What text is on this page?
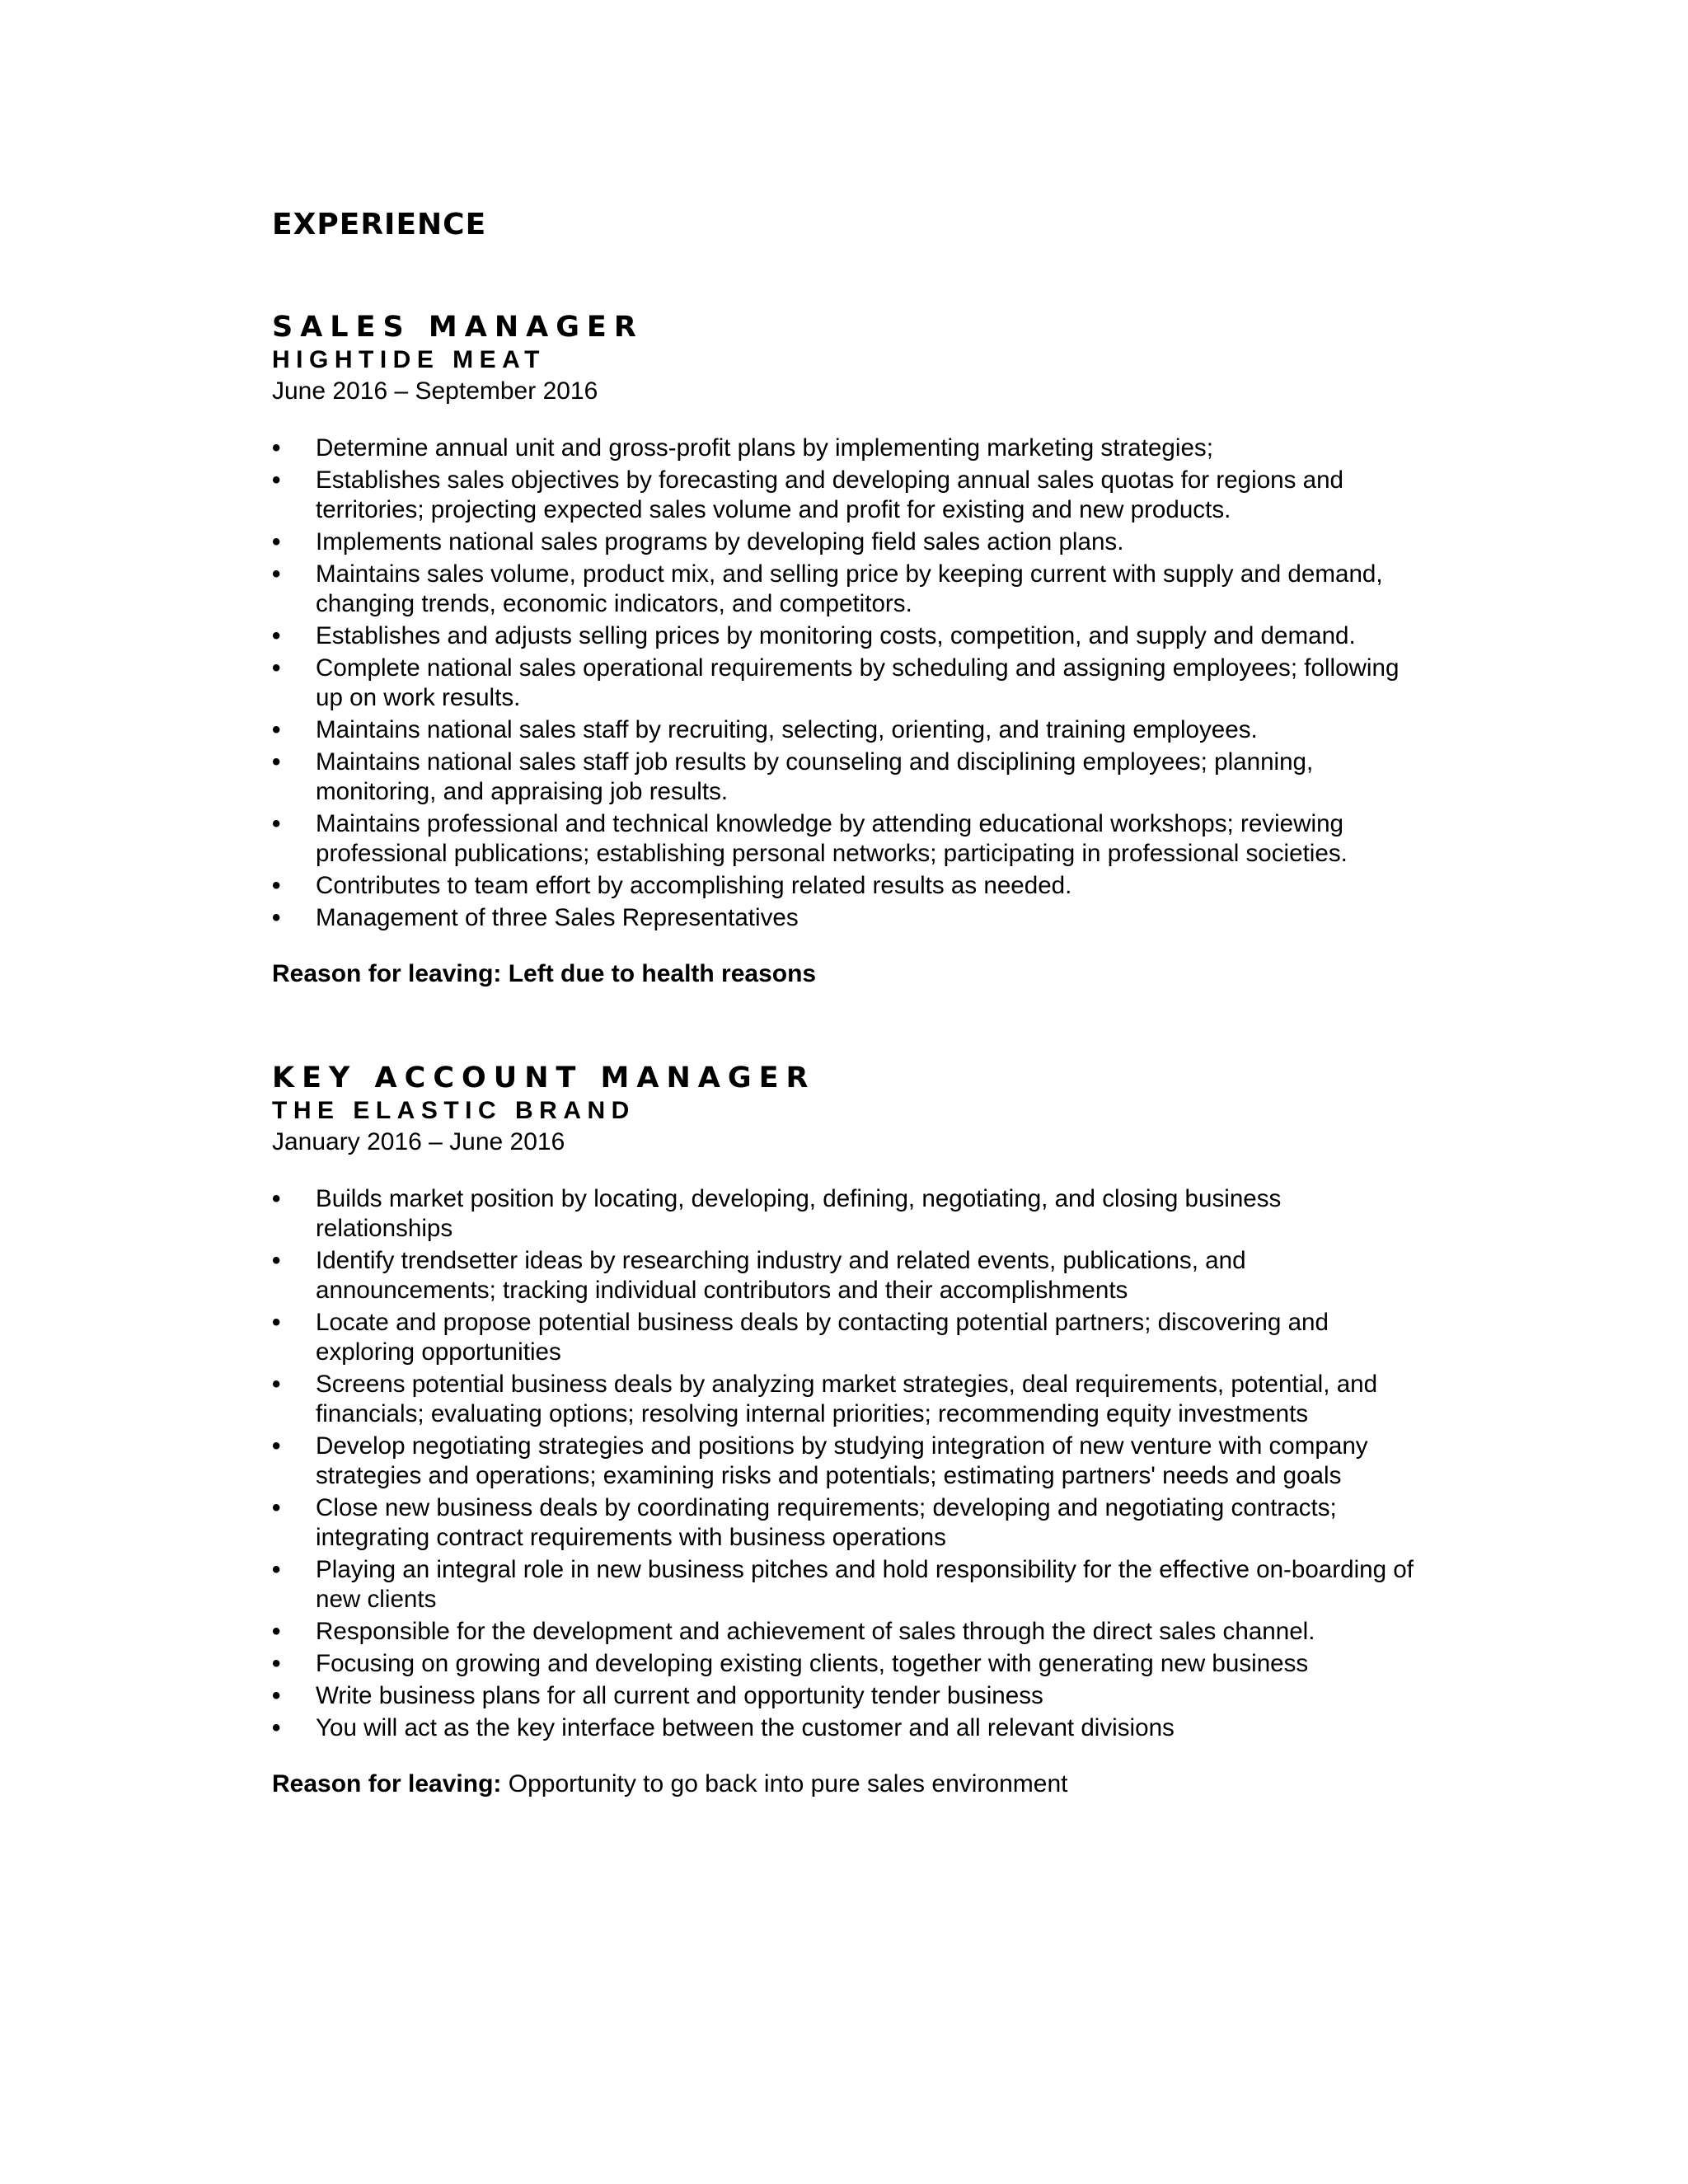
EXPERIENCE
SALES MANAGER
HIGHTIDE MEAT
June 2016 – September 2016
• Determine annual unit and gross-profit plans by implementing marketing strategies;
• Establishes sales objectives by forecasting and developing annual sales quotas for regions and territories; projecting expected sales volume and profit for existing and new products.
• Implements national sales programs by developing field sales action plans.
• Maintains sales volume, product mix, and selling price by keeping current with supply and demand, changing trends, economic indicators, and competitors.
• Establishes and adjusts selling prices by monitoring costs, competition, and supply and demand.
• Complete national sales operational requirements by scheduling and assigning employees; following up on work results.
• Maintains national sales staff by recruiting, selecting, orienting, and training employees.
• Maintains national sales staff job results by counseling and disciplining employees; planning, monitoring, and appraising job results.
• Maintains professional and technical knowledge by attending educational workshops; reviewing professional publications; establishing personal networks; participating in professional societies.
• Contributes to team effort by accomplishing related results as needed.
• Management of three Sales Representatives

Reason for leaving: Left due to health reasons

KEY ACCOUNT MANAGER
THE ELASTIC BRAND
January 2016 – June 2016
• Builds market position by locating, developing, defining, negotiating, and closing business relationships
• Identify trendsetter ideas by researching industry and related events, publications, and announcements; tracking individual contributors and their accomplishments
• Locate and propose potential business deals by contacting potential partners; discovering and exploring opportunities
• Screens potential business deals by analyzing market strategies, deal requirements, potential, and financials; evaluating options; resolving internal priorities; recommending equity investments
• Develop negotiating strategies and positions by studying integration of new venture with company strategies and operations; examining risks and potentials; estimating partners' needs and goals
• Close new business deals by coordinating requirements; developing and negotiating contracts; integrating contract requirements with business operations
• Playing an integral role in new business pitches and hold responsibility for the effective on-boarding of new clients
• Responsible for the development and achievement of sales through the direct sales channel.
• Focusing on growing and developing existing clients, together with generating new business
• Write business plans for all current and opportunity tender business
• You will act as the key interface between the customer and all relevant divisions

Reason for leaving: Opportunity to go back into pure sales environment
